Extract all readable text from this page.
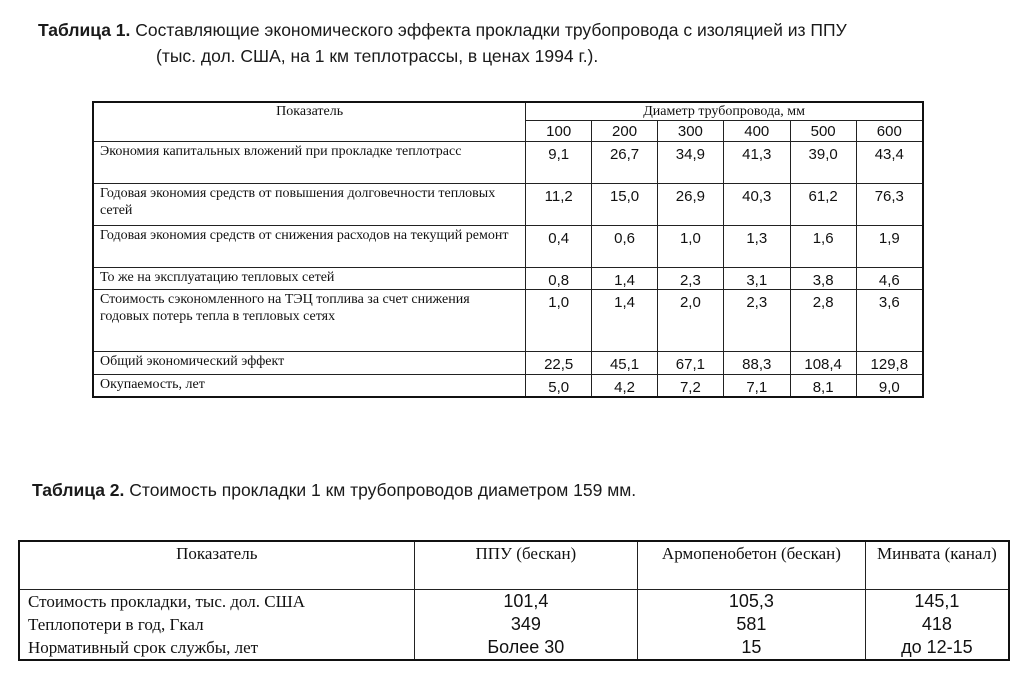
Таблица 1. Составляющие экономического эффекта прокладки трубопровода с изоляцией из ППУ
(тыс. дол. США, на 1 км теплотрассы, в ценах 1994 г.).
Показатель	Диаметр трубопровода, мм					
	100	200	300	400	500	600
Экономия капитальных вложений при прокладке теплотрасс	9,1	26,7	34,9	41,3	39,0	43,4
Годовая экономия средств от повышения долговечности тепловых сетей	11,2	15,0	26,9	40,3	61,2	76,3
Годовая экономия средств от снижения расходов на текущий ремонт	0,4	0,6	1,0	1,3	1,6	1,9
То же на эксплуатацию тепловых сетей	0,8	1,4	2,3	3,1	3,8	4,6
Стоимость сэкономленного на ТЭЦ топлива за счет снижения годовых потерь тепла в тепловых сетях	1,0	1,4	2,0	2,3	2,8	3,6
Общий экономический эффект	22,5	45,1	67,1	88,3	108,4	129,8
Окупаемость, лет	5,0	4,2	7,2	7,1	8,1	9,0
Таблица 2. Стоимость прокладки 1 км трубопроводов диаметром 159 мм.
Показатель	ППУ (бескан)	Армопенобетон (бескан)	Минвата (канал)
Стоимость прокладки, тыс. дол. США	101,4	105,3	145,1
Теплопотери в год, Гкал	349	581	418
Нормативный срок службы, лет	Более 30	15	до 12-15
